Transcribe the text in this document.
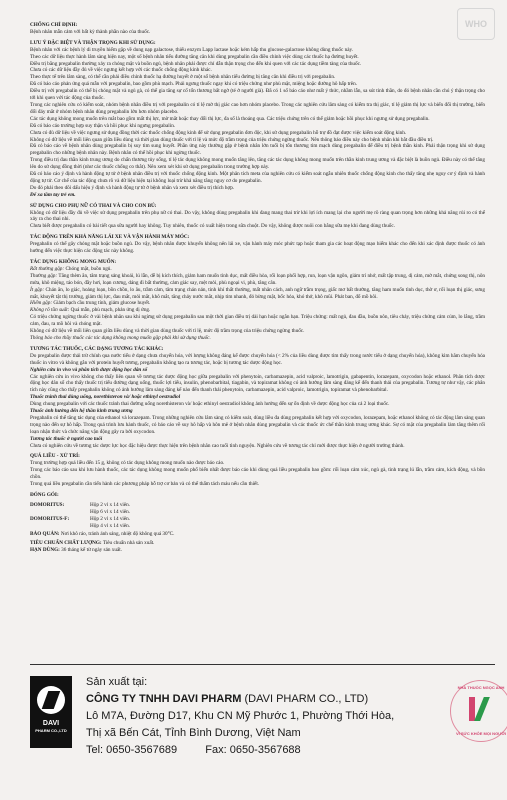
WHO
CHỐNG CHỈ ĐỊNH:

Bệnh nhân mẫn cảm với bất kỳ thành phần nào của thuốc.

LƯU Ý ĐẶC BIỆT VÀ THẬN TRỌNG KHI SỬ DỤNG:

Bệnh nhân với các bệnh lý di truyền hiếm gặp về dung nạp galactose, thiếu enzym Lapp lactase hoặc kém hấp thu glucose-galactose không dùng thuốc này.

Theo các dữ liệu thực hành lâm sàng hiện nay, một số bệnh nhân tiểu đường tăng cân khi dùng pregabalin cần điều chỉnh việc dùng các thuốc hạ đường huyết.

Điều trị bằng pregabalin thường xảy ra chóng mặt và buồn ngủ, bệnh nhân phải được chỉ dẫn thận trọng cho đến khi quen với các tác dụng tiềm tàng của thuốc.

Chưa có các dữ liệu đầy đủ về việc ngưng kết hợp với các thuốc chống động kinh khác.

Theo thực tế trên lâm sàng, có thể cần phải điều chỉnh thuốc hạ đường huyết ở một số bệnh nhân tiểu đường bị tăng cân khi điều trị với pregabalin.

Đã có báo cáo phản ứng quá mẫn với pregabalin, bao gồm phù mạch. Phải ngưng thuốc ngay khi có triệu chứng như phù mặt, miệng hoặc đường hô hấp trên.

Điều trị với pregabalin có thể bị chóng mặt và ngủ gà, có thể gia tăng sự cố tổn thương bất ngờ (té ở người già). Đã có 1 số báo cáo như mất ý thức, nhầm lẫn, sa sút tinh thần, do đó bệnh nhân cần chú ý thận trọng cho tới khi quen với tác động của thuốc.

Trong các nghiên cứu có kiểm soát, nhóm bệnh nhân điều trị với pregabalin có tỉ lệ mờ thị giác cao hơn nhóm placebo. Trong các nghiên cứu lâm sàng có kiểm tra thị giác, tỉ lệ giảm thị lực và biến đổi thị trường, biến đổi đáy mắt ở nhóm bệnh nhân dùng pregabalin lớn hơn nhóm placebo.

Các tác dụng không mong muốn trên mắt bao gồm mất thị lực, mờ mắt hoặc thay đổi thị lực, đa số là thoáng qua. Các triệu chứng trên có thể giảm hoặc hồi phục khi ngưng sử dụng pregabalin.

Đã có báo cáo trường hợp suy thận và hồi phục khi ngưng pregabalin.

Chưa có đủ dữ liệu về việc ngưng sử dụng đồng thời các thuốc chống động kinh để sử dụng pregabalin đơn độc, khi sử dụng pregabalin hỗ trợ đồ đạt được việc kiểm soát động kinh.

Không có dữ liệu về mối liên quan giữa liều dùng và thời gian dùng thuốc với tỉ lệ và mức độ trầm trọng của triệu chứng ngừng thuốc. Nên thông báo điều này cho bệnh nhân khi bắt đầu điều trị.

Đã có báo cáo về bệnh nhân dùng pregabalin bị suy tim sung huyết. Phần ứng này thường gặp ở bệnh nhân lớn tuổi bị tổn thương tim mạch dùng pregabalin để điều trị bệnh thần kinh. Phải thận trọng khi sử dụng pregabalin cho những bệnh nhân này. Bệnh nhân có thể hồi phục khi ngừng thuốc.

Trong điều trị đau thần kinh trung ương do chấn thương tủy sống, tỉ lệ tác dụng không mong muốn tăng lên, tăng các tác dụng không mong muốn trên thần kinh trung ương và đặc biệt là buồn ngủ. Điều này có thể tăng lên do sử dụng đồng thời (như các thuốc chống co thắt). Nên xem xét khi sử dụng pregabalin trong trường hợp này.

Đã có báo cáo ý định và hành động tự tử ở bệnh nhân điều trị với thuốc chống động kinh. Một phân tích meta của nghiên cứu có kiểm soát ngẫu nhiên thuốc chống động kinh cho thấy tăng nhẹ nguy cơ ý định và hành động tự tử. Cơ chế của tác động chưa rõ và dữ liệu hiện tại không loại trừ khả năng tăng nguy cơ do pregabalin.

Do đó phải theo dõi dấu hiệu ý định và hành động tự tử ở bệnh nhân và xem xét điều trị thích hợp.

Để xa tầm tay trẻ em.

SỬ DỤNG CHO PHỤ NỮ CÓ THAI VÀ CHO CON BÚ:

Không có dữ liệu đầy đủ về việc sử dụng pregabalin trên phụ nữ có thai. Do vậy, không dùng pregabalin khi đang mang thai trừ khi lợi ích mang lại cho người mẹ rõ ràng quan trọng hơn những khả năng rủi ro có thể xảy ra cho thai nhi.

Chưa biết được pregabalin có bài tiết qua sữa người hay không. Tuy nhiên, thuốc có xuất hiện trong sữa chuột. Do vậy, không được nuôi con bằng sữa mẹ khi đang dùng thuốc.

TÁC ĐỘNG TRÊN KHẢ NĂNG LÁI XE VÀ VẬN HÀNH MÁY MÓC:

Pregabalin có thể gây chóng mặt hoặc buồn ngủ. Do vậy, bệnh nhân được khuyến không nên lái xe, vận hành máy móc phức tạp hoặc tham gia các hoạt động mạo hiểm khác cho đến khi xác định được thuốc có ảnh hưởng đến việc thực hiện các động tác này không.

TÁC DỤNG KHÔNG MONG MUỐN:

Rất thường gặp: Chóng mặt, buồn ngủ.

Thường gặp: Tăng thèm ăn, tâm trạng sảng khoái, lú lẫn, dễ bị kích thích, giảm ham muốn tình dục, mất điều hòa, rối loạn phối hợp, run, loạn vận ngôn, giảm trí nhớ, mất tập trung, dị cảm, mờ mắt, chứng song thị, nôn mửa, khô miệng, táo bón, đầy hơi, loạn cương, dáng đi bất thường, cảm giác say, mệt mỏi, phù ngoại vi, phù, tăng cân.

Ít gặp: Chán ăn, lo giác, hoảng loạn, bồn chồn, lo âu, trầm cảm, tâm trạng chán nản, tinh khí thất thường, mất nhân cách, anh ngữ trầm trọng, giấc mơ bất thường, tăng ham muốn tình dục, thờ ơ, rối loạn thị giác, sưng mắt, khuyết tật thị trường, giảm thị lực, đau mắt, mỏi mắt, khô mắt, tăng chảy nước mắt, nhịp tim nhanh, đỏ bừng mặt, bốc hỏa, khó thở, khô mũi. Phát ban, đổ mồ hôi.

Hiếm gặp: Giảm bạch cầu trung tính, giảm glucose huyết.

Không rõ tần suất: Quá mẫn, phù mạch, phản ứng dị ứng.

Có triệu chứng ngừng thuốc ở vài bệnh nhân sau khi ngừng sử dụng pregabalin sau một thời gian điều trị dài hạn hoặc ngắn hạn. Triệu chứng: mất ngủ, đau đầu, buồn nôn, tiêu chảy, triệu chứng cảm cúm, lo lắng, trầm cảm, đau, ra mồ hôi và chóng mặt.

Không có dữ liệu về mối liên quan giữa liều dùng và thời gian dùng thuốc với tỉ lệ, mức độ trầm trọng của triệu chứng ngừng thuốc.

Thông báo cho thầy thuốc các tác dụng không mong muốn gặp phải khi sử dụng thuốc.

TƯƠNG TÁC THUỐC, CÁC DẠNG TƯƠNG TÁC KHÁC:

Do pregabalin được thải trừ chính qua nước tiểu ở dạng chưa chuyển hóa, với lượng không đáng kể được chuyển hóa (< 2% của liều dùng được tìm thấy trong nước tiểu ở dạng chuyển hóa), không kìm hãm chuyển hóa thuốc in vitro và không gắn với protein huyết tương, pregabalin không tạo ra tương tác, hoặc bị tương tác dược động học.

Nghiên cứu in vivo và phân tích dược động học dân số

Các nghiên cứu in vivo không cho thấy liên quan về tương tác dược động học giữa pregabalin với phenytoin, carbamazepin, acid valproic, lamotrigin, gabapentin, lorazepam, oxycodon hoặc ethanol. Phân tích dược động học dân số cho thấy thuốc trị tiểu đường dạng uống, thuốc lợi tiểu, insulin, phenobarbital, tiagabin, và topiramat không có ảnh hưởng lâm sàng đáng kể đến thanh thải của pregabalin. Tương tự như vậy, các phân tích này cũng cho thấy pregabalin không có ảnh hưởng lâm sàng đáng kể nào đến thanh thải phenytoin, carbamazepin, acid valproic, lamotrigin, topiramat và phenobarbital.

Thuốc tránh thai dùng uống, norethisteron và/ hoặc ethinyl oestradiol

Dùng chung pregabalin với các thuốc tránh thai đường uống norethisteron và/ hoặc ethinyl oestradiol không ảnh hưởng đến sự ổn định về dược động học của cả 2 loại thuốc.

Thuốc ảnh hưởng đến hệ thần kinh trung ương

Pregabalin có thể tăng tác dụng của ethanol và lorazepam. Trong những nghiên cứu lâm sàng có kiểm soát, dùng liều đa dùng pregabalin kết hợp với oxycodon, lorazepam, hoặc ethanol không có tác động lâm sàng quan trọng nào đến sự hô hấp. Trong quá trình lưu hành thuốc, có báo cáo về suy hô hấp và hôn mê ở bệnh nhân dùng pregabalin và các thuốc ức chế thần kinh trung ương khác. Sự có mặt của pregabalin làm tăng thêm rối loạn nhận thức và chức năng vận động gây ra bởi oxycodon.

Tương tác thuốc ở người cao tuổi

Chưa có nghiên cứu về tương tác dược lực học đặc hiệu được thực hiện trên bệnh nhân cao tuổi tình nguyện. Nghiên cứu về tương tác chỉ mới được thực hiện ở người trưởng thành.

QUÁ LIỀU - XỬ TRÍ:

Trong trường hợp quá liều đến 15 g, không có tác dụng không mong muốn nào được báo cáo.

Trong các báo cáo sau khi lưu hành thuốc, các tác dụng không mong muốn phổ biến nhất được báo cáo khi dùng quá liều pregabalin bao gồm: rối loạn cảm xúc, ngủ gà, tình trạng lú lẫn, trầm cảm, kích động, và bồn chồn.

Trong quá liều pregabalin cần tiến hành các phương pháp hỗ trợ cơ bản và có thể thẩm tách máu nếu cần thiết.

ĐÓNG GÓI:
DOMORITUS:	Hộp 2 vỉ x 14 viên.
Hộp 6 vỉ x 14 viên.
DOMORITUS-F:	Hộp 2 vỉ x 14 viên.
Hộp 4 vỉ x 14 viên.
BẢO QUẢN: Nơi khô ráo, tránh ánh sáng, nhiệt độ không quá 30°C.
TIÊU CHUẨN CHẤT LƯỢNG: Tiêu chuẩn nhà sản xuất.
HẠN DÙNG: 36 tháng kể từ ngày sản xuất.
DAVI
PHARM CO.,LTD
Sản xuất tại:
CÔNG TY TNHH DAVI PHARM (DAVI PHARM CO., LTD)
Lô M7A, Đường D17, Khu CN Mỹ Phước 1, Phường Thới Hòa,
Thị xã Bến Cát, Tỉnh Bình Dương, Việt Nam
Tel: 0650-3567689	Fax: 0650-3567688
NHÀ THUỐC NGỌC ANH
VÌ SỨC KHỎE MỌI NGƯỜI
